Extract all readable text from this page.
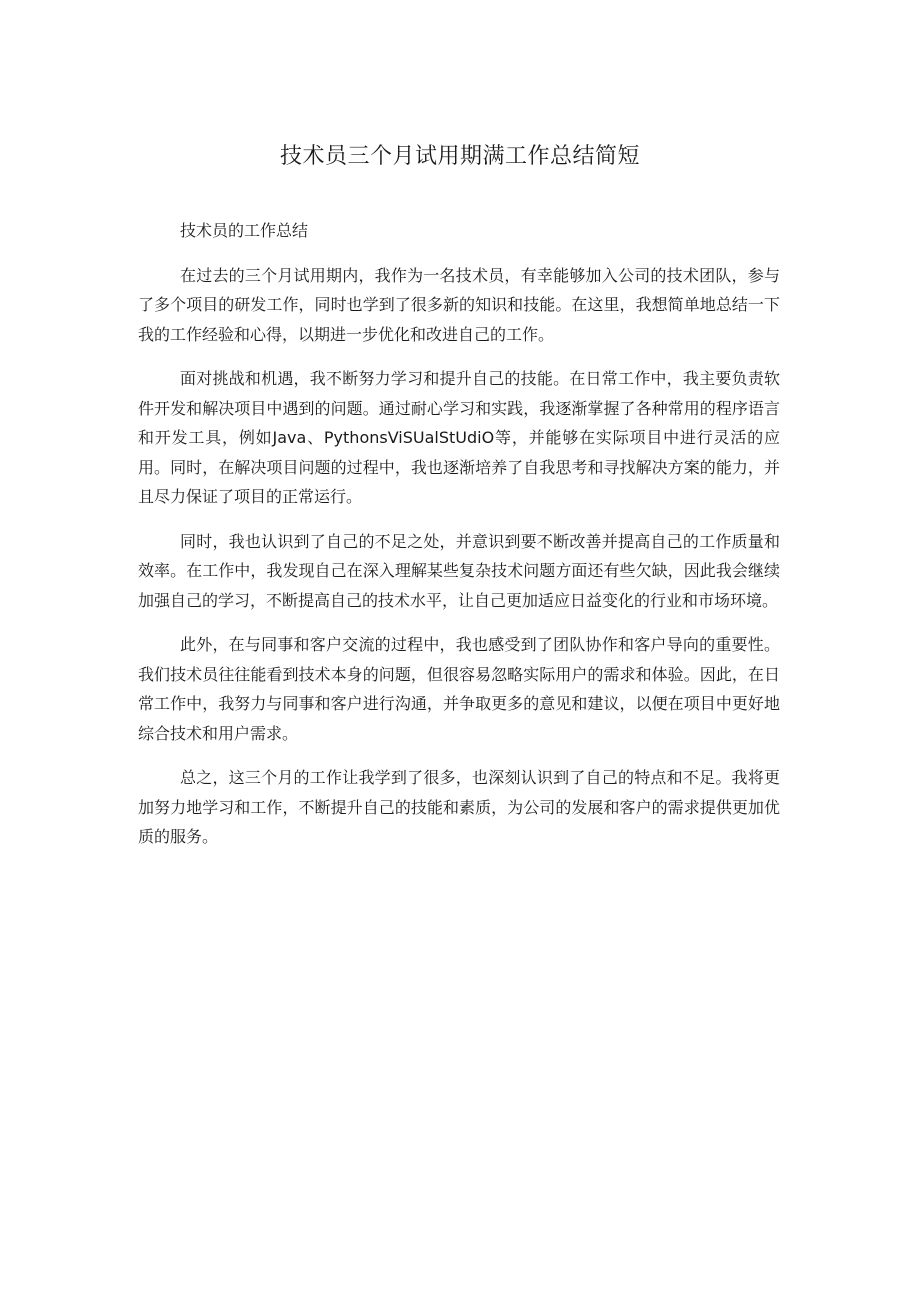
技术员三个月试用期满工作总结简短

技术员的工作总结

在过去的三个月试用期内，我作为一名技术员，有幸能够加入公司的技术团队，参与了多个项目的研发工作，同时也学到了很多新的知识和技能。在这里，我想简单地总结一下我的工作经验和心得，以期进一步优化和改进自己的工作。

面对挑战和机遇，我不断努力学习和提升自己的技能。在日常工作中，我主要负责软件开发和解决项目中遇到的问题。通过耐心学习和实践，我逐渐掌握了各种常用的程序语言和开发工具，例如Java、PythonsViSUalStUdiO等，并能够在实际项目中进行灵活的应用。同时，在解决项目问题的过程中，我也逐渐培养了自我思考和寻找解决方案的能力，并且尽力保证了项目的正常运行。

同时，我也认识到了自己的不足之处，并意识到要不断改善并提高自己的工作质量和效率。在工作中，我发现自己在深入理解某些复杂技术问题方面还有些欠缺，因此我会继续加强自己的学习，不断提高自己的技术水平，让自己更加适应日益变化的行业和市场环境。

此外，在与同事和客户交流的过程中，我也感受到了团队协作和客户导向的重要性。我们技术员往往能看到技术本身的问题，但很容易忽略实际用户的需求和体验。因此，在日常工作中，我努力与同事和客户进行沟通，并争取更多的意见和建议，以便在项目中更好地综合技术和用户需求。

总之，这三个月的工作让我学到了很多，也深刻认识到了自己的特点和不足。我将更加努力地学习和工作，不断提升自己的技能和素质，为公司的发展和客户的需求提供更加优质的服务。
